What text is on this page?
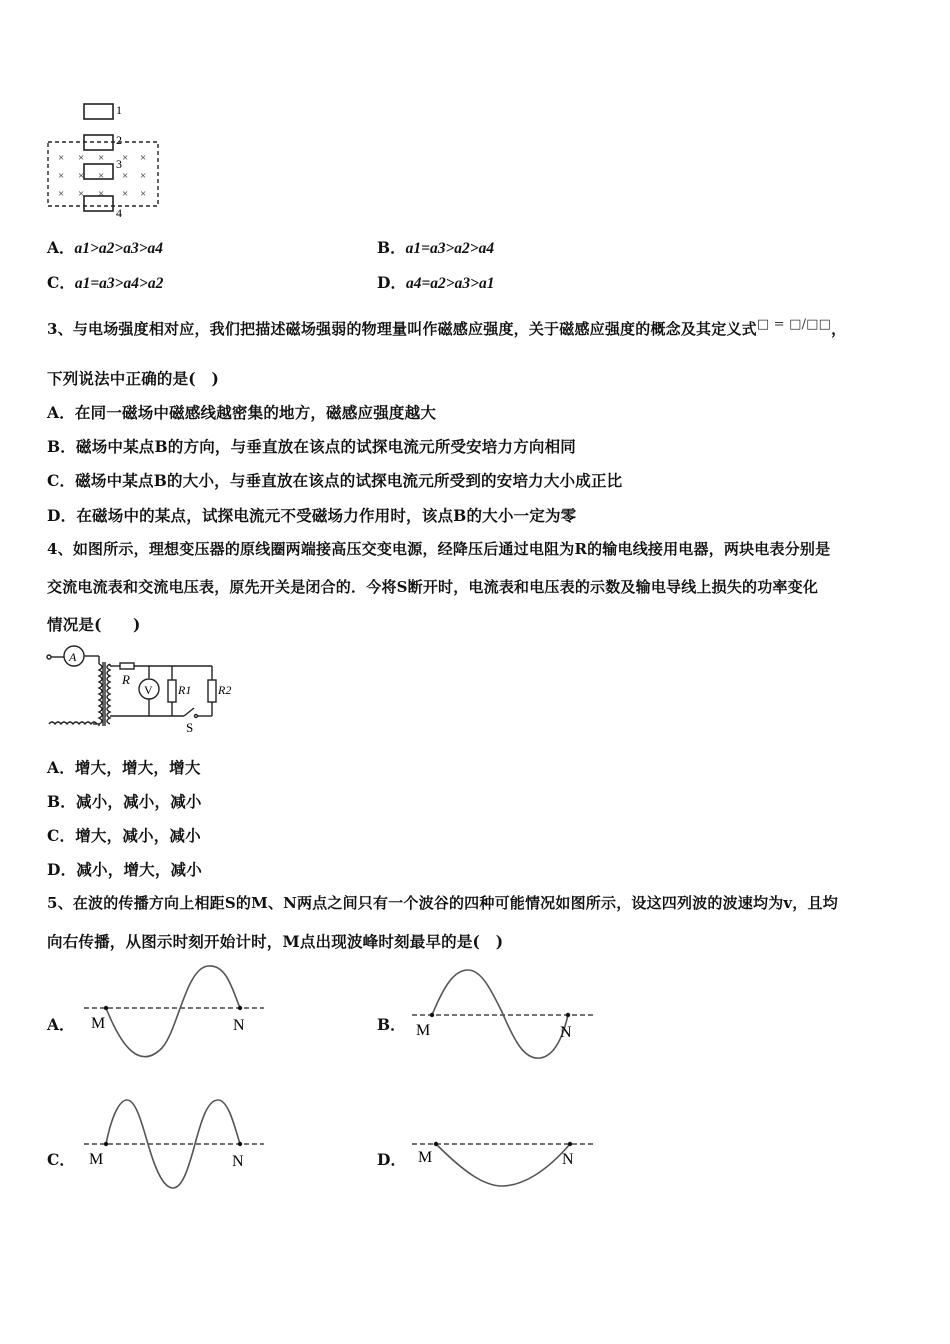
1
2
× × × × ×
× × × × ×
× × × × ×
3
4
A．a1>a2>a3>a4	B．a1=a3>a2>a4
C．a1=a3>a4>a2	D．a4=a2>a3>a1
3、与电场强度相对应，我们把描述磁场强弱的物理量叫作磁感应强度，关于磁感应强度的概念及其定义式□ = □/□□，
下列说法中正确的是(　)
A．在同一磁场中磁感线越密集的地方，磁感应强度越大
B．磁场中某点B的方向，与垂直放在该点的试探电流元所受安培力方向相同
C．磁场中某点B的大小，与垂直放在该点的试探电流元所受到的安培力大小成正比
D．在磁场中的某点，试探电流元不受磁场力作用时，该点B的大小一定为零
4、如图所示，理想变压器的原线圈两端接高压交变电源，经降压后通过电阻为R的输电线接用电器，两块电表分别是
交流电流表和交流电压表，原先开关是闭合的．今将S断开时，电流表和电压表的示数及输电导线上损失的功率变化
情况是(　　)
A
V
R
R1 R2
S
A．增大，增大，增大
B．减小，减小，减小
C．增大，减小，减小
D．减小，增大，减小
5、在波的传播方向上相距S的M、N两点之间只有一个波谷的四种可能情况如图所示，设这四列波的波速均为v，且均
向右传播，从图示时刻开始计时，M点出现波峰时刻最早的是(　)
A． M	N	B． M	N
C． M	N	D． M	N
